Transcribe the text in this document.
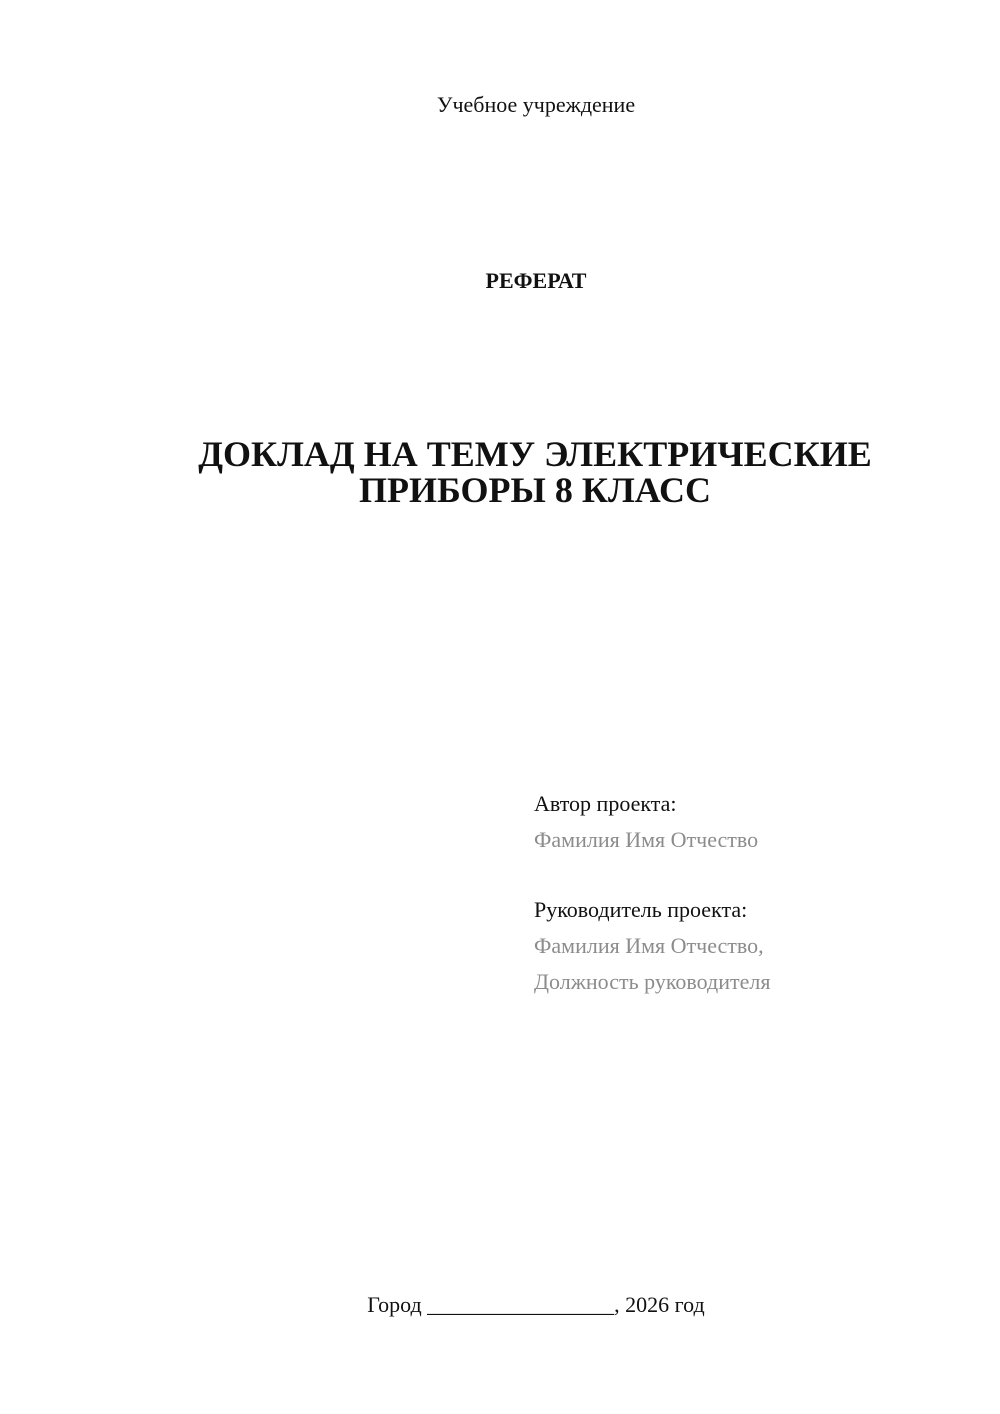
Учебное учреждение
РЕФЕРАТ
ДОКЛАД НА ТЕМУ ЭЛЕКТРИЧЕСКИЕ
ПРИБОРЫ 8 КЛАСС
Автор проекта:
Фамилия Имя Отчество
Руководитель проекта:
Фамилия Имя Отчество,
Должность руководителя
Город _________________, 2026 год
